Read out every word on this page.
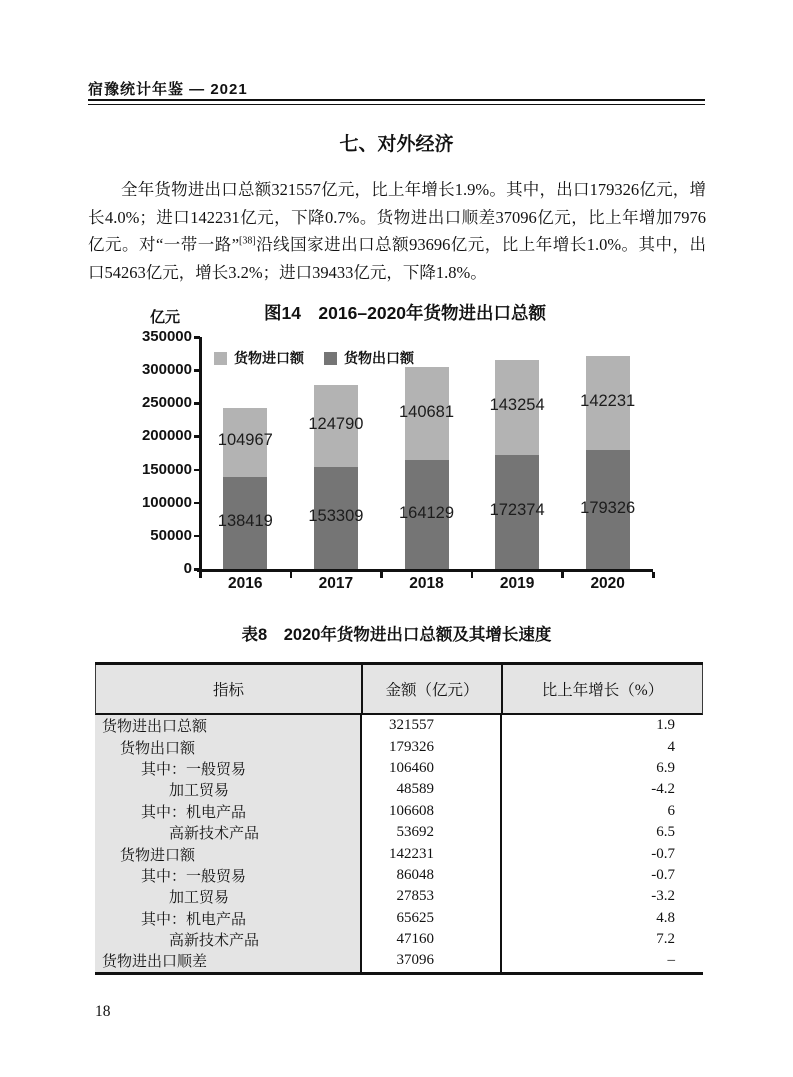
宿豫统计年鉴 — 2021
七、对外经济

全年货物进出口总额321557亿元，比上年增长1.9%。其中，出口179326亿元，增长4.0%；进口142231亿元，下降0.7%。货物进出口顺差37096亿元，比上年增加7976亿元。对“一带一路”[38]沿线国家进出口总额93696亿元，比上年增长1.0%。其中，出口54263亿元，增长3.2%；进口39433亿元，下降1.8%。

亿元	图14　2016–2020年货物进出口总额
350000
300000
250000
200000
150000
100000
50000
0
138419
104967
2016
153309
124790
2017
164129
140681
2018
172374
143254
2019
179326
142231
2020
货物进口额	货物出口额
表8　2020年货物进出口总额及其增长速度
指标	金额（亿元）	比上年增长（%）
货物进出口总额	321557	1.9
货物出口额	179326	4
其中：一般贸易	106460	6.9
加工贸易	48589	-4.2
其中：机电产品	106608	6
高新技术产品	53692	6.5
货物进口额	142231	-0.7
其中：一般贸易	86048	-0.7
加工贸易	27853	-3.2
其中：机电产品	65625	4.8
高新技术产品	47160	7.2
货物进出口顺差	37096	–
18
